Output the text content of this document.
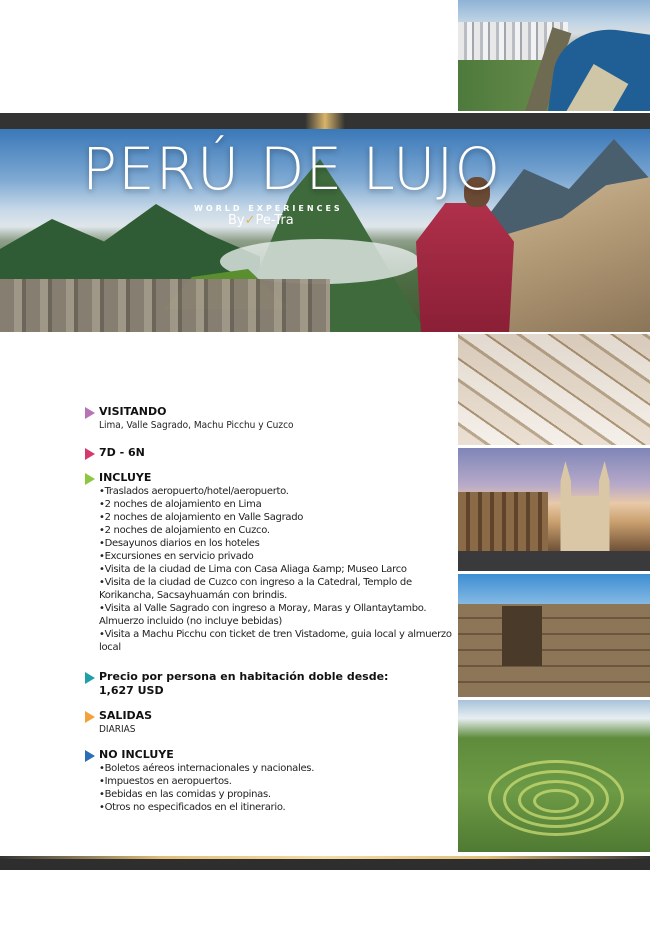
PERÚ DE LUJO
WORLD EXPERIENCES
By✓Pe-Tra
VISITANDO
Lima, Valle Sagrado, Machu Picchu y Cuzco
7D - 6N
INCLUYE
•Traslados aeropuerto/hotel/aeropuerto.
•2 noches de alojamiento en Lima
•2 noches de alojamiento en Valle Sagrado
•2 noches de alojamiento en Cuzco.
•Desayunos diarios en los hoteles
•Excursiones en servicio privado
•Visita de la ciudad de Lima con Casa Aliaga &amp; Museo Larco
•Visita de la ciudad de Cuzco con ingreso a la Catedral, Templo de Korikancha, Sacsayhuamán con brindis.
•Visita al Valle Sagrado con ingreso a Moray, Maras y Ollantaytambo. Almuerzo incluido (no incluye bebidas)
•Visita a Machu Picchu con ticket de tren Vistadome, guia local y almuerzo local
Precio por persona en habitación doble desde:
1,627 USD
SALIDAS
DIARIAS
NO INCLUYE
•Boletos aéreos internacionales y nacionales.
•Impuestos en aeropuertos.
•Bebidas en las comidas y propinas.
•Otros no especificados en el itinerario.
